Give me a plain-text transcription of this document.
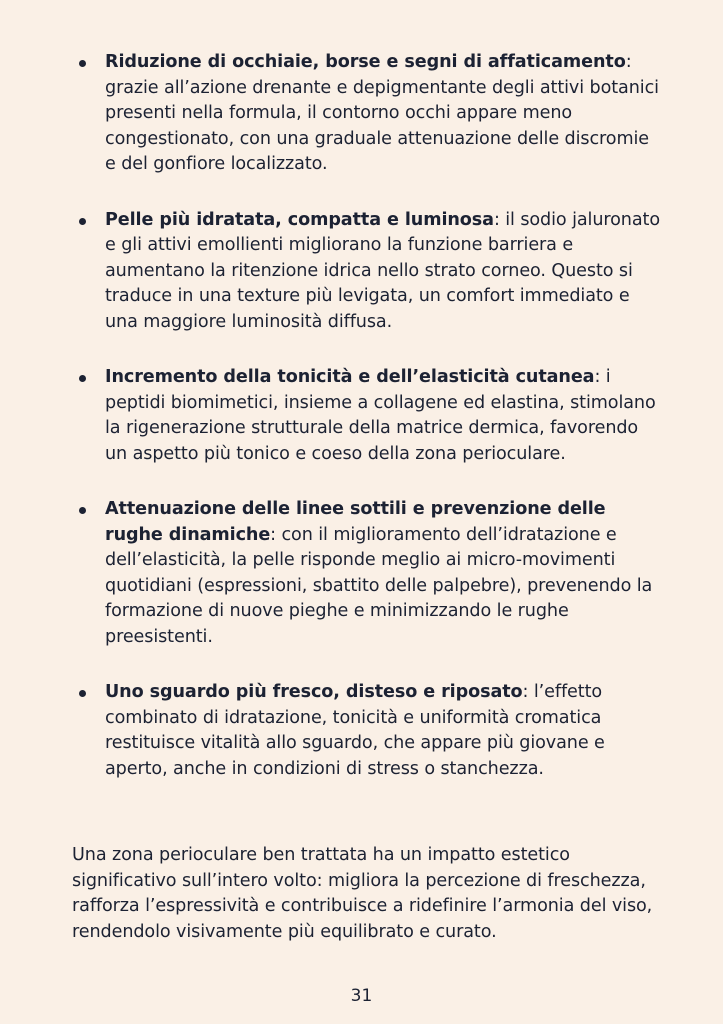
Riduzione di occhiaie, borse e segni di affaticamento: grazie all’azione drenante e depigmentante degli attivi botanici presenti nella formula, il contorno occhi appare meno congestionato, con una graduale attenuazione delle discromie e del gonfiore localizzato.
Pelle più idratata, compatta e luminosa: il sodio jaluronato e gli attivi emollienti migliorano la funzione barriera e aumentano la ritenzione idrica nello strato corneo. Questo si traduce in una texture più levigata, un comfort immediato e una maggiore luminosità diffusa.
Incremento della tonicità e dell’elasticità cutanea: i peptidi biomimetici, insieme a collagene ed elastina, stimolano la rigenerazione strutturale della matrice dermica, favorendo un aspetto più tonico e coeso della zona perioculare.
Attenuazione delle linee sottili e prevenzione delle rughe dinamiche: con il miglioramento dell’idratazione e dell’elasticità, la pelle risponde meglio ai micro-movimenti quotidiani (espressioni, sbattito delle palpebre), prevenendo la formazione di nuove pieghe e minimizzando le rughe preesistenti.
Uno sguardo più fresco, disteso e riposato: l’effetto combinato di idratazione, tonicità e uniformità cromatica restituisce vitalità allo sguardo, che appare più giovane e aperto, anche in condizioni di stress o stanchezza.

Una zona perioculare ben trattata ha un impatto estetico significativo sull’intero volto: migliora la percezione di freschezza, rafforza l’espressività e contribuisce a ridefinire l’armonia del viso, rendendolo visivamente più equilibrato e curato.

31
